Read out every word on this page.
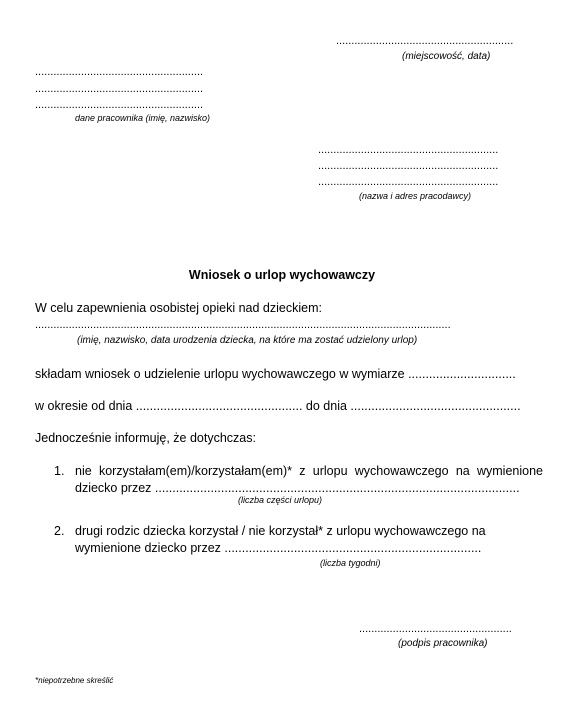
..........................................................
(miejscowość, data)
.......................................................
.......................................................
.......................................................
dane pracownika (imię, nazwisko)
...........................................................
...........................................................
...........................................................
(nazwa i adres pracodawcy)
Wniosek o urlop wychowawczy
W celu zapewnienia osobistej opieki nad dzieckiem:
........................................................................................................................................
(imię, nazwisko, data urodzenia dziecka, na które ma zostać udzielony urlop)
składam wniosek o udzielenie urlopu wychowawczego w wymiarze ...............................
w okresie od dnia ................................................ do dnia .................................................
Jednocześnie informuję, że dotychczas:
1. nie korzystałam(em)/korzystałam(em)* z urlopu wychowawczego na wymienione
dziecko przez .........................................................................................................
(liczba części urlopu)
2. drugi rodzic dziecka korzystał / nie korzystał* z urlopu wychowawczego na
wymienione dziecko przez ..........................................................................
(liczba tygodni)
..................................................
(podpis pracownika)
*niepotrzebne skreślić
